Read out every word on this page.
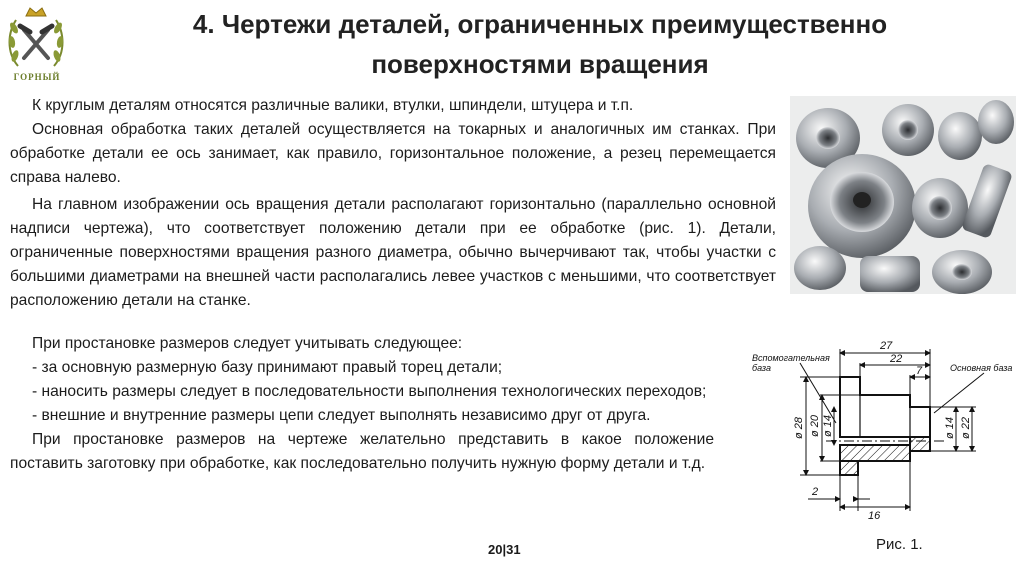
ГОРНЫЙ
4. Чертежи деталей, ограниченных преимущественно
поверхностями вращения

К круглым деталям относятся различные валики, втулки, шпиндели, штуцера и т.п.

Основная обработка таких деталей осуществляется на токарных и аналогичных им станках. При обработке детали ее ось занимает, как правило, горизонтальное положение, а резец перемещается справа налево.

На главном изображении ось вращения детали располагают горизонтально (параллельно основной надписи чертежа), что соответствует положению детали при ее обработке (рис. 1). Детали, ограниченные поверхностями вращения разного диаметра, обычно вычерчивают так, чтобы участки с большими диаметрами на внешней части располагались левее участков с меньшими, что соответствует расположению детали на станке.

При простановке размеров следует учитывать следующее:

- за основную размерную базу принимают правый торец детали;

- наносить размеры следует в последовательности выполнения технологических переходов;

- внешние и внутренние размеры цепи следует выполнять независимо друг от друга.

При простановке размеров на чертеже желательно представить в какое положение поставить заготовку при обработке, как последовательно получить нужную форму детали и т.д.

Вспомогательная
база	Основная база
27
22
7
2
16
ø 28 ø 20 ø 14	ø 14 ø 22
20|31	Рис. 1.
